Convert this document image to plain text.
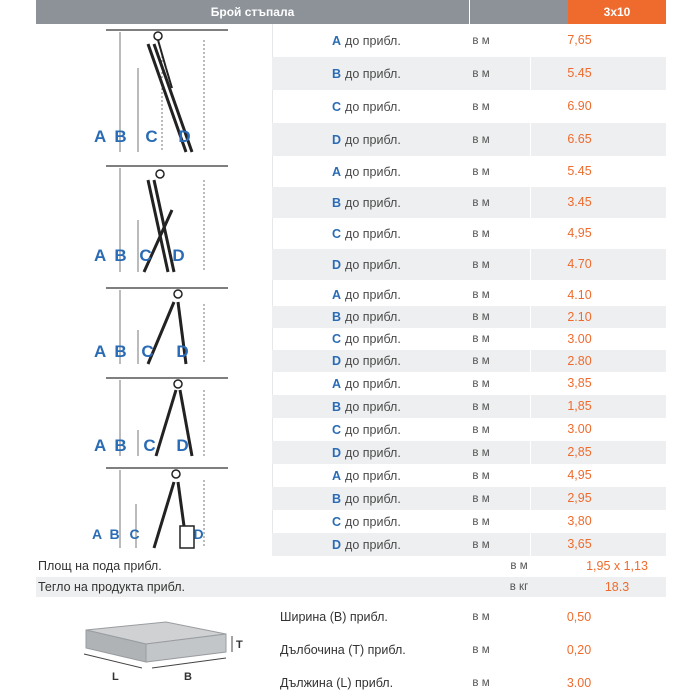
Брой стъпала	3x10
A B C D
A B C D
A B C D
A B C D
A B C	D
A до прибл.	в м	7,65
B до прибл.	в м	5.45
C до прибл.	в м	6.90
D до прибл.	в м	6.65
A до прибл.	в м	5.45
B до прибл.	в м	3.45
C до прибл.	в м	4,95
D до прибл.	в м	4.70
A до прибл.	в м	4.10
B до прибл.	в м	2.10
C до прибл.	в м	3.00
D до прибл.	в м	2.80
A до прибл.	в м	3,85
B до прибл.	в м	1,85
C до прибл.	в м	3.00
D до прибл.	в м	2,85
A до прибл.	в м	4,95
B до прибл.	в м	2,95
C до прибл.	в м	3,80
D до прибл.	в м	3,65
Площ на пода прибл.	в м	1,95 x 1,13
Тегло на продукта прибл.	в кг	18.3
T
L	B
Ширина (B) прибл.	в м	0,50
Дълбочина (T) прибл.	в м	0,20
Дължина (L) прибл.	в м	3.00
